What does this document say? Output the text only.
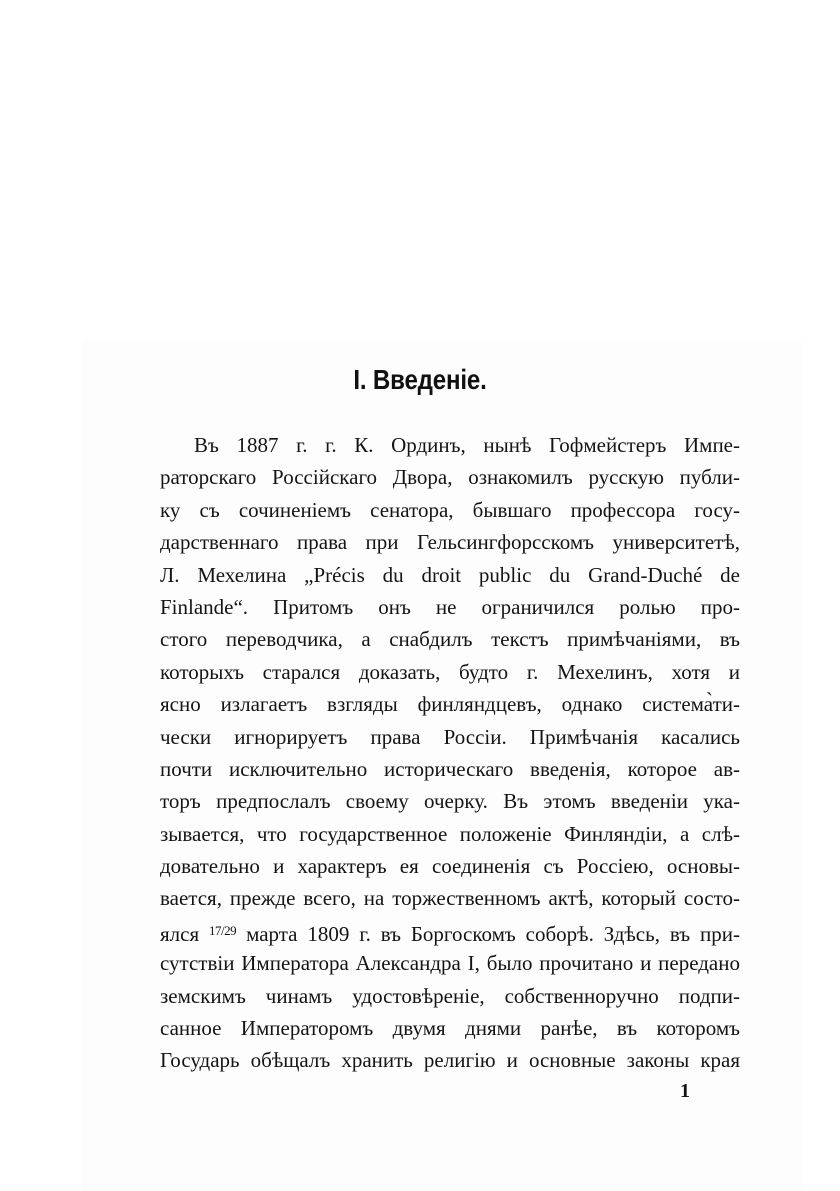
I. Введеніе.
Въ 1887 г. г. К. Ординъ, нынѣ Гофмейстеръ Импе-
раторскаго Россійскаго Двора, ознакомилъ русскую публи-
ку съ сочиненіемъ сенатора, бывшаго профессора госу-
дарственнаго права при Гельсингфорсскомъ университетѣ,
Л. Мехелина „Précis du droit public du Grand-Duché de
Finlande“. Притомъ онъ не ограничился ролью про-
стого переводчика, а снабдилъ текстъ примѣчаніями, въ
которыхъ старался доказать, будто г. Мехелинъ, хотя и
ясно излагаетъ взгляды финляндцевъ, однако система̀ти-
чески игнорируетъ права Россіи. Примѣчанія касались
почти исключительно историческаго введенія, которое ав-
торъ предпослалъ своему очерку. Въ этомъ введеніи ука-
зывается, что государственное положеніе Финляндіи, а слѣ-
довательно и характеръ ея соединенія съ Россіею, основы-
вается, прежде всего, на торжественномъ актѣ, который состо-
ялся $^{17/29}$ марта 1809 г. въ Боргоскомъ соборѣ. Здѣсь, въ при-
сутствіи Императора Александра I, было прочитано и передано
земскимъ чинамъ удостовѣреніе, собственноручно подпи-
санное Императоромъ двумя днями ранѣе, въ которомъ
Государь обѣщалъ хранить религію и основные законы края
1
